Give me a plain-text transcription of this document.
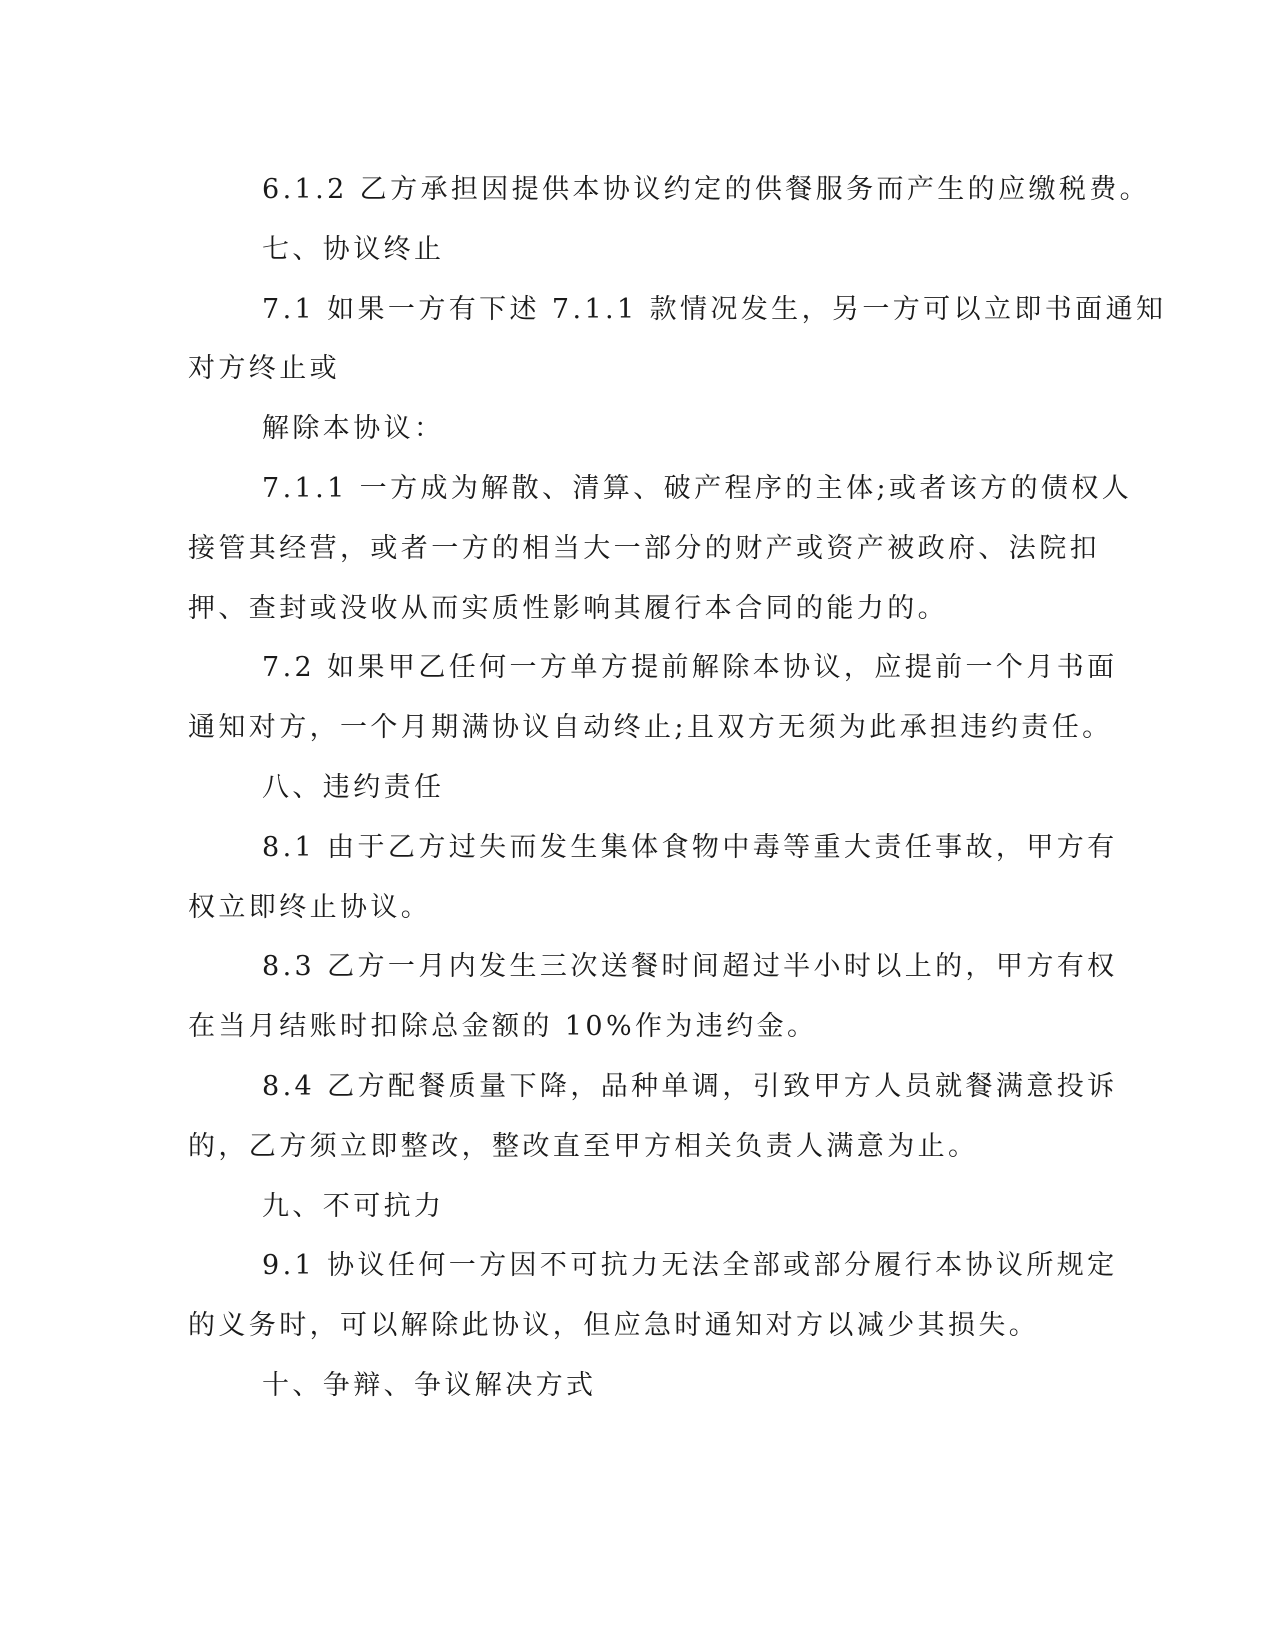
6.1.2 乙方承担因提供本协议约定的供餐服务而产生的应缴税费。
七、协议终止
7.1 如果一方有下述 7.1.1 款情况发生，另一方可以立即书面通知
对方终止或
解除本协议：
7.1.1 一方成为解散、清算、破产程序的主体;或者该方的债权人
接管其经营，或者一方的相当大一部分的财产或资产被政府、法院扣
押、查封或没收从而实质性影响其履行本合同的能力的。
7.2 如果甲乙任何一方单方提前解除本协议，应提前一个月书面
通知对方，一个月期满协议自动终止;且双方无须为此承担违约责任。
八、违约责任
8.1 由于乙方过失而发生集体食物中毒等重大责任事故，甲方有
权立即终止协议。
8.3 乙方一月内发生三次送餐时间超过半小时以上的，甲方有权
在当月结账时扣除总金额的 10%作为违约金。
8.4 乙方配餐质量下降，品种单调，引致甲方人员就餐满意投诉
的，乙方须立即整改，整改直至甲方相关负责人满意为止。
九、不可抗力
9.1 协议任何一方因不可抗力无法全部或部分履行本协议所规定
的义务时，可以解除此协议，但应急时通知对方以减少其损失。
十、争辩、争议解决方式
